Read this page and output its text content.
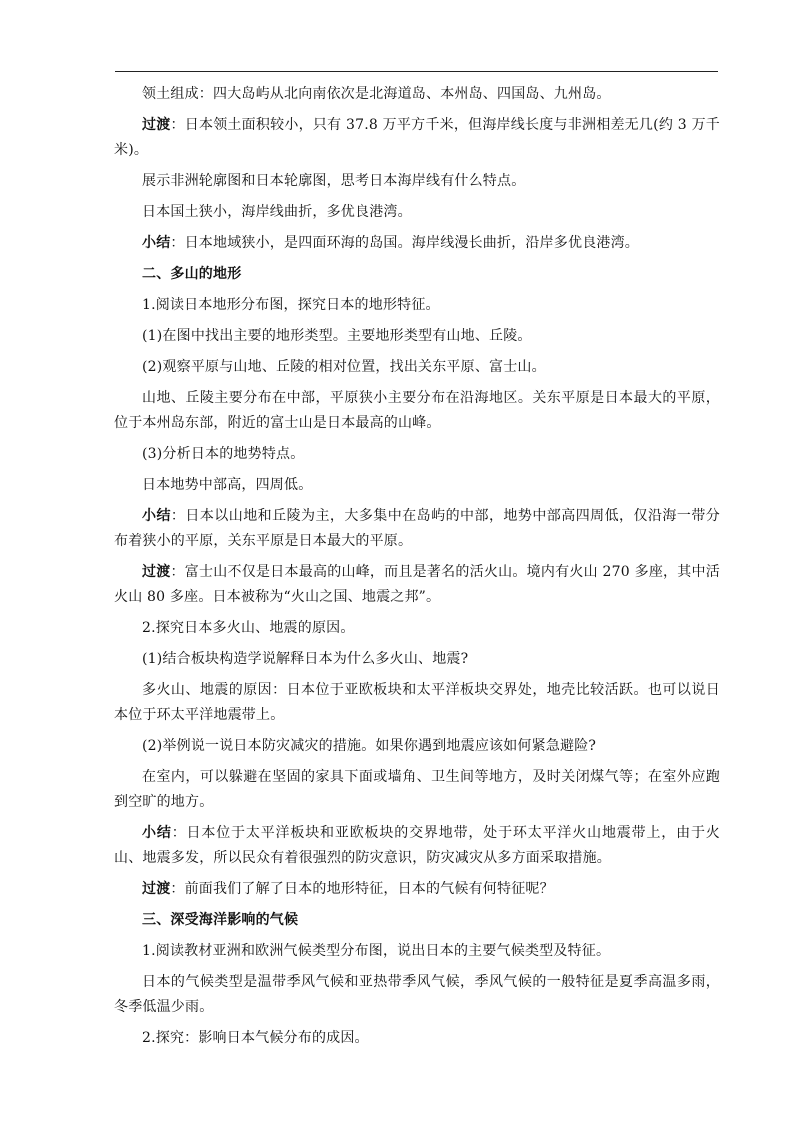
领土组成：四大岛屿从北向南依次是北海道岛、本州岛、四国岛、九州岛。

过渡：日本领土面积较小，只有 37.8 万平方千米，但海岸线长度与非洲相差无几(约 3 万千米)。

展示非洲轮廓图和日本轮廓图，思考日本海岸线有什么特点。

日本国土狭小，海岸线曲折，多优良港湾。

小结：日本地域狭小，是四面环海的岛国。海岸线漫长曲折，沿岸多优良港湾。

二、多山的地形

1.阅读日本地形分布图，探究日本的地形特征。

(1)在图中找出主要的地形类型。主要地形类型有山地、丘陵。

(2)观察平原与山地、丘陵的相对位置，找出关东平原、富士山。

山地、丘陵主要分布在中部，平原狭小主要分布在沿海地区。关东平原是日本最大的平原，位于本州岛东部，附近的富士山是日本最高的山峰。

(3)分析日本的地势特点。

日本地势中部高，四周低。

小结：日本以山地和丘陵为主，大多集中在岛屿的中部，地势中部高四周低，仅沿海一带分布着狭小的平原，关东平原是日本最大的平原。

过渡：富士山不仅是日本最高的山峰，而且是著名的活火山。境内有火山 270 多座，其中活火山 80 多座。日本被称为“火山之国、地震之邦”。

2.探究日本多火山、地震的原因。

(1)结合板块构造学说解释日本为什么多火山、地震?

多火山、地震的原因：日本位于亚欧板块和太平洋板块交界处，地壳比较活跃。也可以说日本位于环太平洋地震带上。

(2)举例说一说日本防灾减灾的措施。如果你遇到地震应该如何紧急避险?

在室内，可以躲避在坚固的家具下面或墙角、卫生间等地方，及时关闭煤气等；在室外应跑到空旷的地方。

小结：日本位于太平洋板块和亚欧板块的交界地带，处于环太平洋火山地震带上，由于火山、地震多发，所以民众有着很强烈的防灾意识，防灾减灾从多方面采取措施。

过渡：前面我们了解了日本的地形特征，日本的气候有何特征呢？

三、深受海洋影响的气候

1.阅读教材亚洲和欧洲气候类型分布图，说出日本的主要气候类型及特征。

日本的气候类型是温带季风气候和亚热带季风气候，季风气候的一般特征是夏季高温多雨，冬季低温少雨。

2.探究：影响日本气候分布的成因。
